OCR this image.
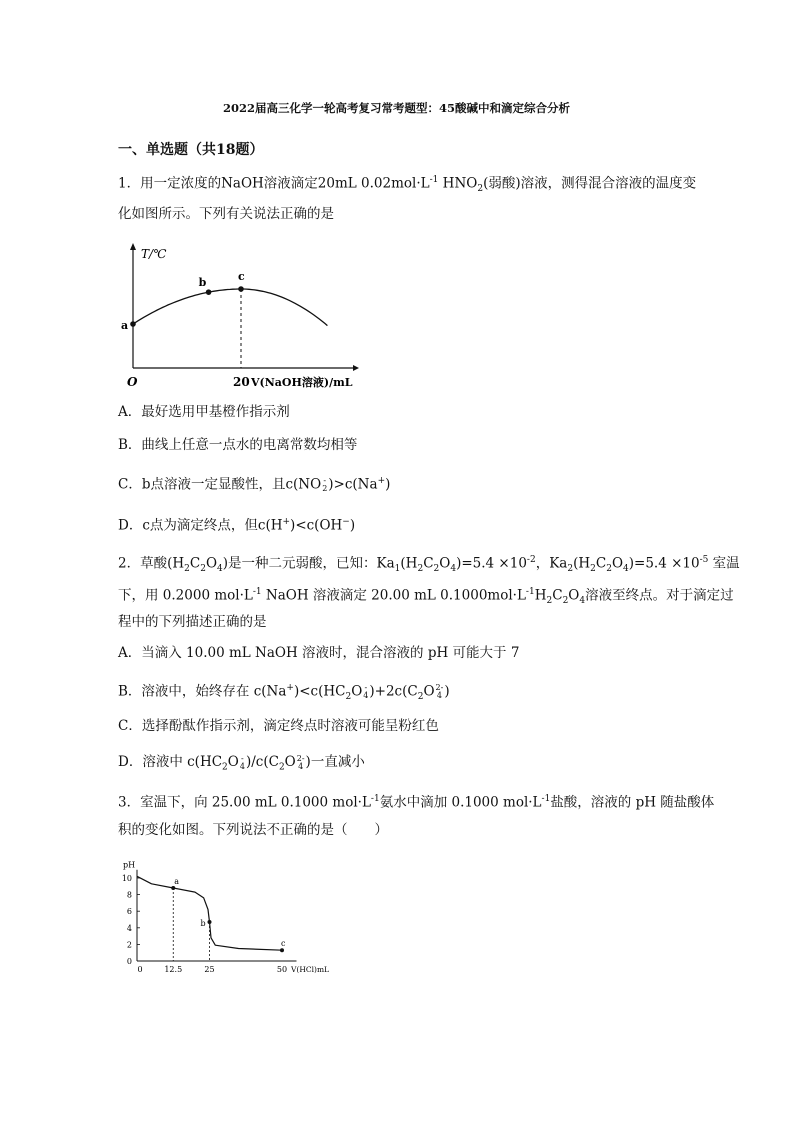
2022届高三化学一轮高考复习常考题型：45酸碱中和滴定综合分析
一、单选题（共18题）
1．用一定浓度的NaOH溶液滴定20mL $0.02mol\cdot L^{-1}$ $HNO_2$(弱酸)溶液，测得混合溶液的温度变
化如图所示。下列有关说法正确的是
T/℃
V(NaOH溶液)/mL
O	20
a
b	c
A．最好选用甲基橙作指示剂
B．曲线上任意一点水的电离常数均相等
C．b点溶液一定显酸性，且c(NO -
2)>c(Na+)
D．c点为滴定终点，但c(H+)<c(OH−)
2．草酸$(H_2C_2O_4)$是一种二元弱酸，已知：$Ka_1(H_2C_2O_4)=5.4 \times 10^{-2}$，$Ka_2(H_2C_2O_4)=5.4 \times 10^{-5}$ 室温
下，用 0.2000 $mol\cdot L^{-1}$ NaOH 溶液滴定 20.00 mL $0.1000mol\cdot L^{-1}H_2C_2O_4$溶液至终点。对于滴定过
程中的下列描述正确的是
A．当滴入 10.00 mL NaOH 溶液时，混合溶液的 pH 可能大于 7
B．溶液中，始终存在 $c(Na^+)<c(HC_2O$ -
$4)+2c(C_2O2-$
4 )
C．选择酚酞作指示剂，滴定终点时溶液可能呈粉红色
D．溶液中 $c(HC_2O$ -
$4)/c(C_2O2-$
4 )一直减小
3．室温下，向 25.00 mL 0.1000 $mol\cdot L^{-1}$氨水中滴加 0.1000 $mol\cdot L^{-1}$盐酸，溶液的 pH 随盐酸体
积的变化如图。下列说法不正确的是（　　）
pH
0
2
4
6
8
10
0	12.5	25	50 V(HCl)mL
a
b
c
